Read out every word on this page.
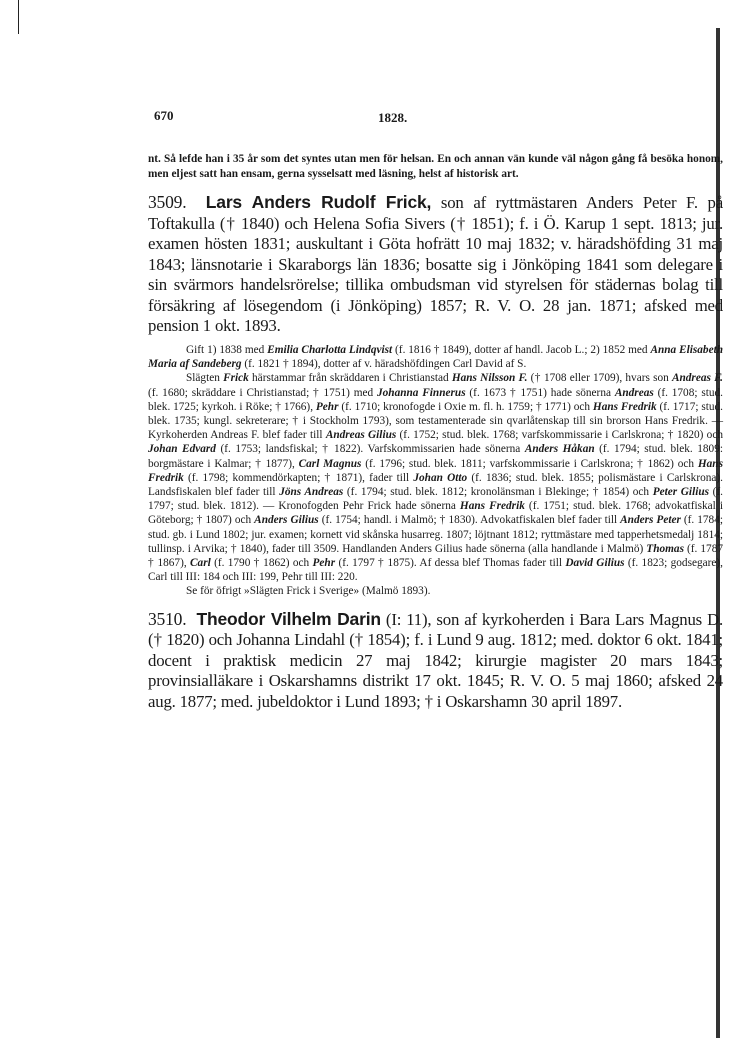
670	1828.

nt. Så lefde han i 35 år som det syntes utan men för helsan. En och annan vän kunde väl någon gång få besöka honom, men eljest satt han ensam, gerna sysselsatt med läsning, helst af historisk art.

3509. Lars Anders Rudolf Frick, son af ryttmästaren Anders Peter F. på Toftakulla († 1840) och Helena Sofia Sivers († 1851); f. i Ö. Karup 1 sept. 1813; jur. examen hösten 1831; auskultant i Göta hofrätt 10 maj 1832; v. häradshöfding 31 maj 1843; länsnotarie i Skaraborgs län 1836; bosatte sig i Jönköping 1841 som delegare i sin svärmors handelsrörelse; tillika ombudsman vid styrelsen för städernas bolag till försäkring af lösegendom (i Jönköping) 1857; R. V. O. 28 jan. 1871; afsked med pension 1 okt. 1893.

Gift 1) 1838 med Emilia Charlotta Lindqvist (f. 1816 † 1849), dotter af handl. Jacob L.; 2) 1852 med Anna Elisabeth Maria af Sandeberg (f. 1821 † 1894), dotter af v. häradshöfdingen Carl David af S.

Slägten Frick härstammar från skräddaren i Christianstad Hans Nilsson F. († 1708 eller 1709), hvars son Andreas F. (f. 1680; skräddare i Christianstad; † 1751) med Johanna Finnerus (f. 1673 † 1751) hade sönerna Andreas (f. 1708; stud. blek. 1725; kyrkoh. i Röke; † 1766), Pehr (f. 1710; kronofogde i Oxie m. fl. h. 1759; † 1771) och Hans Fredrik (f. 1717; stud. blek. 1735; kungl. sekreterare; † i Stockholm 1793), som testamenterade sin qvarlåtenskap till sin brorson Hans Fredrik. — Kyrkoherden Andreas F. blef fader till Andreas Gilius (f. 1752; stud. blek. 1768; varfskommissarie i Carlskrona; † 1820) och Johan Edvard (f. 1753; landsfiskal; † 1822). Varfskommissarien hade sönerna Anders Håkan (f. 1794; stud. blek. 1809: borgmästare i Kalmar; † 1877), Carl Magnus (f. 1796; stud. blek. 1811; varfskommissarie i Carlskrona; † 1862) och Hans Fredrik (f. 1798; kommendörkapten; † 1871), fader till Johan Otto (f. 1836; stud. blek. 1855; polismästare i Carlskrona). Landsfiskalen blef fader till Jöns Andreas (f. 1794; stud. blek. 1812; kronolänsman i Blekinge; † 1854) och Peter Gilius (f. 1797; stud. blek. 1812). — Kronofogden Pehr Frick hade sönerna Hans Fredrik (f. 1751; stud. blek. 1768; advokatfiskal i Göteborg; † 1807) och Anders Gilius (f. 1754; handl. i Malmö; † 1830). Advokatfiskalen blef fader till Anders Peter (f. 1784; stud. gb. i Lund 1802; jur. examen; kornett vid skånska husarreg. 1807; löjtnant 1812; ryttmästare med tapperhetsmedalj 1814; tullinsp. i Arvika; † 1840), fader till 3509. Handlanden Anders Gilius hade sönerna (alla handlande i Malmö) Thomas (f. 1787 † 1867), Carl (f. 1790 † 1862) och Pehr (f. 1797 † 1875). Af dessa blef Thomas fader till David Gilius (f. 1823; godsegare), Carl till III: 184 och III: 199, Pehr till III: 220.

Se för öfrigt »Slägten Frick i Sverige» (Malmö 1893).

3510. Theodor Vilhelm Darin (I: 11), son af kyrkoherden i Bara Lars Magnus D. († 1820) och Johanna Lindahl († 1854); f. i Lund 9 aug. 1812; med. doktor 6 okt. 1841; docent i praktisk medicin 27 maj 1842; kirurgie magister 20 mars 1843; provinsialläkare i Oskarshamns distrikt 17 okt. 1845; R. V. O. 5 maj 1860; afsked 24 aug. 1877; med. jubeldoktor i Lund 1893; † i Oskarshamn 30 april 1897.
